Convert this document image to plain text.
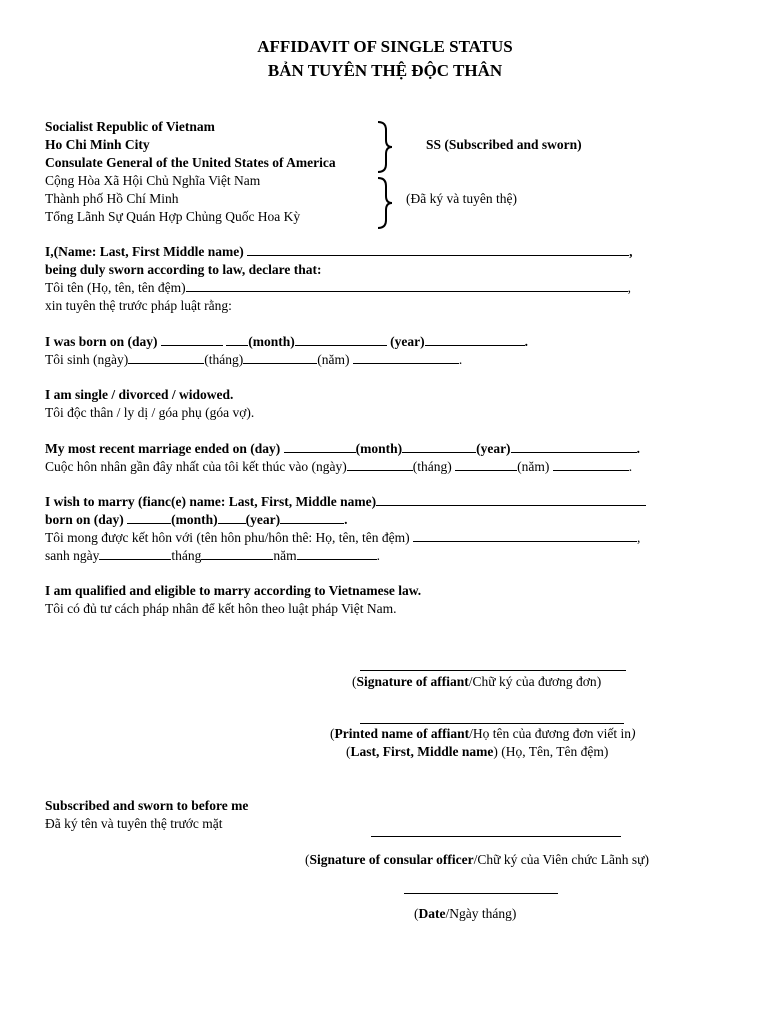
AFFIDAVIT OF SINGLE STATUS
BẢN TUYÊN THỆ ĐỘC THÂN
Socialist Republic of Vietnam
Ho Chi Minh City
Consulate General of the United States of America
Cộng Hòa Xã Hội Chủ Nghĩa Việt Nam
Thành phố Hồ Chí Minh
Tổng Lãnh Sự Quán Hợp Chủng Quốc Hoa Kỳ
SS (Subscribed and sworn)
(Đã ký và tuyên thệ)
I,(Name: Last, First Middle name)	,
being duly sworn according to law, declare that:
Tôi tên (Họ, tên, tên đệm)	,
xin tuyên thệ trước pháp luật rằng:
I was born on (day)	(month)	(year)	.
Tôi sinh (ngày)	(tháng)	(năm)	.
I am single / divorced / widowed.
Tôi độc thân / ly dị / góa phụ (góa vợ).
My most recent marriage ended on (day)	(month)	(year)	.
Cuộc hôn nhân gần đây nhất của tôi kết thúc vào (ngày)	(tháng)	(năm)	.
I wish to marry (fianc(e) name: Last, First, Middle name)
born on (day)	(month) (year)	.
Tôi mong được kết hôn với (tên hôn phu/hôn thê: Họ, tên, tên đệm)	,
sanh ngày	tháng	năm	.
I am qualified and eligible to marry according to Vietnamese law.
Tôi có đủ tư cách pháp nhân để kết hôn theo luật pháp Việt Nam.
(Signature of affiant/Chữ ký của đương đơn)
(Printed name of affiant/Họ tên của đương đơn viết in)
(Last, First, Middle name) (Họ, Tên, Tên đệm)
Subscribed and sworn to before me
Đã ký tên và tuyên thệ trước mặt
(Signature of consular officer/Chữ ký của Viên chức Lãnh sự)
(Date/Ngày tháng)
